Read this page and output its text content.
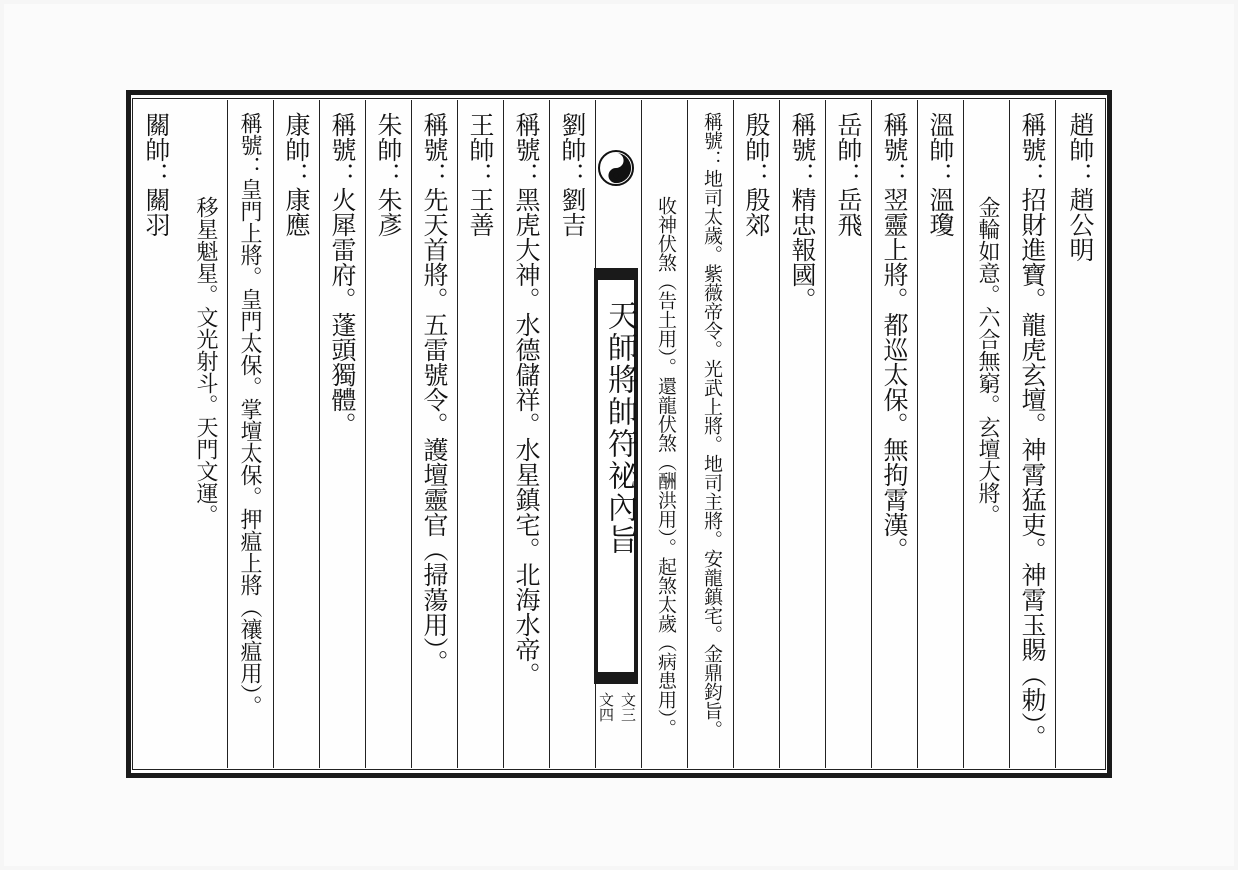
趙帥：趙公明
稱號：招財進寶。龍虎玄壇。神霄猛吏。神霄玉賜（勅）。
金輪如意。六合無窮。玄壇大將。
溫帥：溫瓊
稱號：翌靈上將。都巡太保。無拘霄漢。
岳帥：岳飛
稱號：精忠報國。
殷帥：殷郊
稱號：地司太歲。紫薇帝令。光武上將。地司主將。安龍鎮宅。金鼎鈞旨。
收神伏煞（告土用）。還龍伏煞（酬洪用）。起煞太歲（病患用）。
天師將帥符祕內旨
文三
文四
劉帥：劉吉
稱號：黑虎大神。水德儲祥。水星鎮宅。北海水帝。
王帥：王善
稱號：先天首將。五雷號令。護壇靈官（掃蕩用）。
朱帥：朱彥
稱號：火犀雷府。蓬頭獨體。
康帥：康應
稱號：皇門上將。皇門太保。掌壇太保。押瘟上將（禳瘟用）。
移星魁星。文光射斗。天門文運。
關帥：關羽
